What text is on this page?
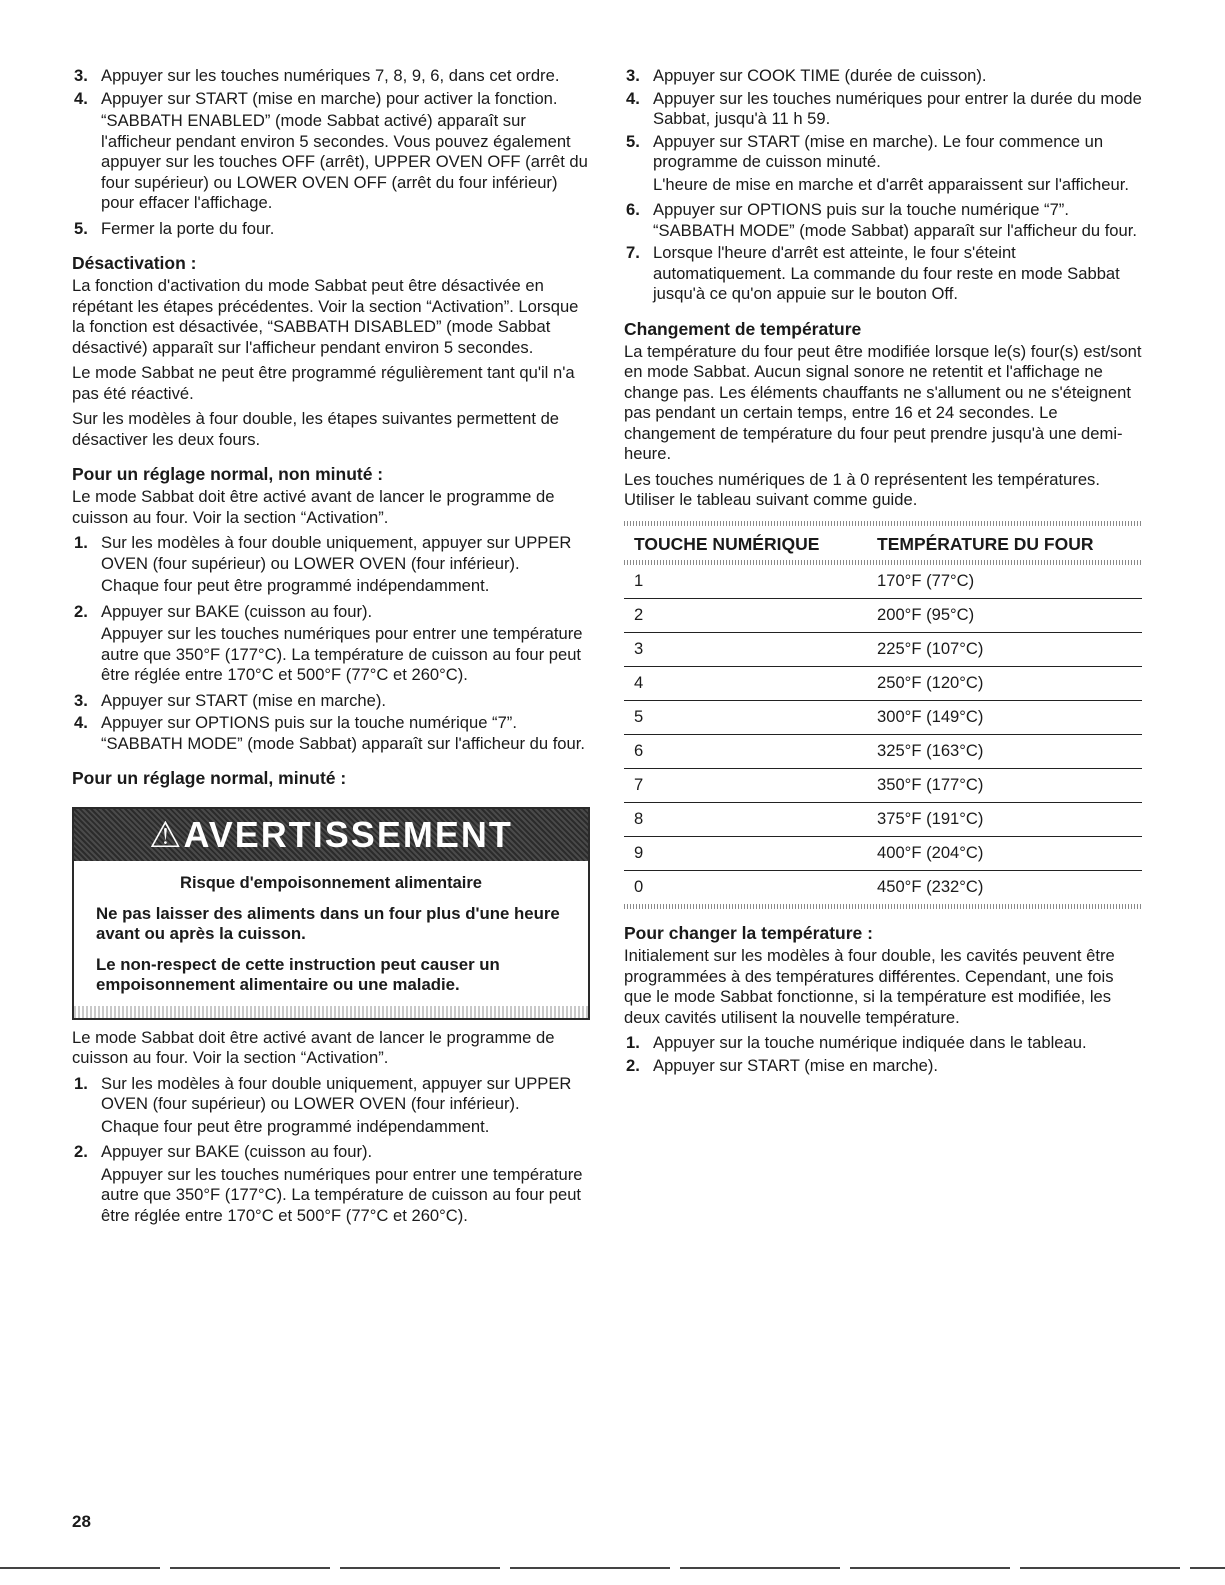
3. Appuyer sur les touches numériques 7, 8, 9, 6, dans cet ordre.
4. Appuyer sur START (mise en marche) pour activer la fonction.

“SABBATH ENABLED” (mode Sabbat activé) apparaît sur l'afficheur pendant environ 5 secondes. Vous pouvez également appuyer sur les touches OFF (arrêt), UPPER OVEN OFF (arrêt du four supérieur) ou LOWER OVEN OFF (arrêt du four inférieur) pour effacer l'affichage.

5. Fermer la porte du four.
Désactivation :

La fonction d'activation du mode Sabbat peut être désactivée en répétant les étapes précédentes. Voir la section “Activation”. Lorsque la fonction est désactivée, “SABBATH DISABLED” (mode Sabbat désactivé) apparaît sur l'afficheur pendant environ 5 secondes.

Le mode Sabbat ne peut être programmé régulièrement tant qu'il n'a pas été réactivé.

Sur les modèles à four double, les étapes suivantes permettent de désactiver les deux fours.

Pour un réglage normal, non minuté :

Le mode Sabbat doit être activé avant de lancer le programme de cuisson au four. Voir la section “Activation”.

1. Sur les modèles à four double uniquement, appuyer sur UPPER OVEN (four supérieur) ou LOWER OVEN (four inférieur).

Chaque four peut être programmé indépendamment.

2. Appuyer sur BAKE (cuisson au four).

Appuyer sur les touches numériques pour entrer une température autre que 350°F (177°C). La température de cuisson au four peut être réglée entre 170°C et 500°F (77°C et 260°C).

3. Appuyer sur START (mise en marche).
4. Appuyer sur OPTIONS puis sur la touche numérique “7”. “SABBATH MODE” (mode Sabbat) apparaît sur l'afficheur du four.
Pour un réglage normal, minuté :
⚠AVERTISSEMENT

Risque d'empoisonnement alimentaire

Ne pas laisser des aliments dans un four plus d'une heure avant ou après la cuisson.

Le non-respect de cette instruction peut causer un empoisonnement alimentaire ou une maladie.

Le mode Sabbat doit être activé avant de lancer le programme de cuisson au four. Voir la section “Activation”.

1. Sur les modèles à four double uniquement, appuyer sur UPPER OVEN (four supérieur) ou LOWER OVEN (four inférieur).

Chaque four peut être programmé indépendamment.

2. Appuyer sur BAKE (cuisson au four).

Appuyer sur les touches numériques pour entrer une température autre que 350°F (177°C). La température de cuisson au four peut être réglée entre 170°C et 500°F (77°C et 260°C).

3. Appuyer sur COOK TIME (durée de cuisson).
4. Appuyer sur les touches numériques pour entrer la durée du mode Sabbat, jusqu'à 11 h 59.
5. Appuyer sur START (mise en marche). Le four commence un programme de cuisson minuté.

L'heure de mise en marche et d'arrêt apparaissent sur l'afficheur.

6. Appuyer sur OPTIONS puis sur la touche numérique “7”. “SABBATH MODE” (mode Sabbat) apparaît sur l'afficheur du four.
7. Lorsque l'heure d'arrêt est atteinte, le four s'éteint automatiquement. La commande du four reste en mode Sabbat jusqu'à ce qu'on appuie sur le bouton Off.
Changement de température

La température du four peut être modifiée lorsque le(s) four(s) est/sont en mode Sabbat. Aucun signal sonore ne retentit et l'affichage ne change pas. Les éléments chauffants ne s'allument ou ne s'éteignent pas pendant un certain temps, entre 16 et 24 secondes. Le changement de température du four peut prendre jusqu'à une demi-heure.

Les touches numériques de 1 à 0 représentent les températures. Utiliser le tableau suivant comme guide.

TOUCHE NUMÉRIQUE	TEMPÉRATURE DU FOUR
1	170°F (77°C)
2	200°F (95°C)
3	225°F (107°C)
4	250°F (120°C)
5	300°F (149°C)
6	325°F (163°C)
7	350°F (177°C)
8	375°F (191°C)
9	400°F (204°C)
0	450°F (232°C)
Pour changer la température :

Initialement sur les modèles à four double, les cavités peuvent être programmées à des températures différentes. Cependant, une fois que le mode Sabbat fonctionne, si la température est modifiée, les deux cavités utilisent la nouvelle température.

1. Appuyer sur la touche numérique indiquée dans le tableau.
2. Appuyer sur START (mise en marche).
28
